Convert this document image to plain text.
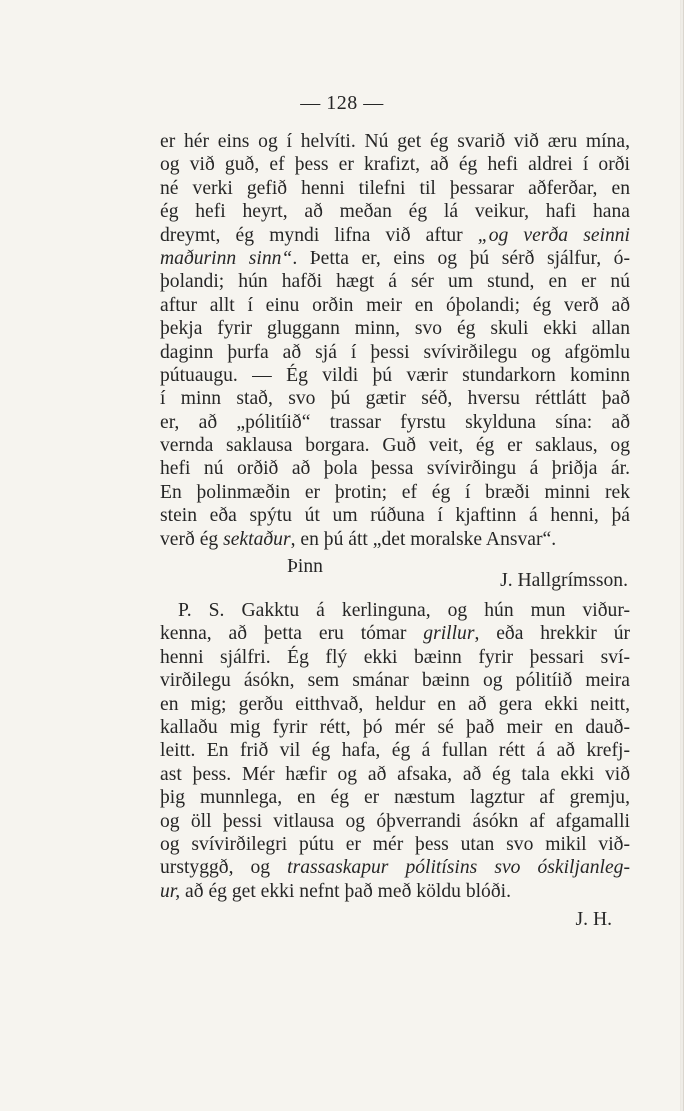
— 128 —
er hér eins og í helvíti. Nú get ég svarið við æru mína,
og við guð, ef þess er krafizt, að ég hefi aldrei í orði
né verki gefið henni tilefni til þessarar aðferðar, en
ég hefi heyrt, að meðan ég lá veikur, hafi hana
dreymt, ég myndi lifna við aftur „og verða seinni
maðurinn sinn“. Þetta er, eins og þú sérð sjálfur, ó-
þolandi; hún hafði hægt á sér um stund, en er nú
aftur allt í einu orðin meir en óþolandi; ég verð að
þekja fyrir gluggann minn, svo ég skuli ekki allan
daginn þurfa að sjá í þessi svívirðilegu og afgömlu
pútuaugu. — Ég vildi þú værir stundarkorn kominn
í minn stað, svo þú gætir séð, hversu réttlátt það
er, að „pólitíið“ trassar fyrstu skylduna sína: að
vernda saklausa borgara. Guð veit, ég er saklaus, og
hefi nú orðið að þola þessa svívirðingu á þriðja ár.
En þolinmæðin er þrotin; ef ég í bræði minni rek
stein eða spýtu út um rúðuna í kjaftinn á henni, þá
verð ég sektaður, en þú átt „det moralske Ansvar“.
Þinn
J. Hallgrímsson.
P. S. Gakktu á kerlinguna, og hún mun viður-
kenna, að þetta eru tómar grillur, eða hrekkir úr
henni sjálfri. Ég flý ekki bæinn fyrir þessari sví-
virðilegu ásókn, sem smánar bæinn og pólitíið meira
en mig; gerðu eitthvað, heldur en að gera ekki neitt,
kallaðu mig fyrir rétt, þó mér sé það meir en dauð-
leitt. En frið vil ég hafa, ég á fullan rétt á að krefj-
ast þess. Mér hæfir og að afsaka, að ég tala ekki við
þig munnlega, en ég er næstum lagztur af gremju,
og öll þessi vitlausa og óþverrandi ásókn af afgamalli
og svívirðilegri pútu er mér þess utan svo mikil við-
urstyggð, og trassaskapur pólitísins svo óskiljanleg-
ur, að ég get ekki nefnt það með köldu blóði.
J. H.
